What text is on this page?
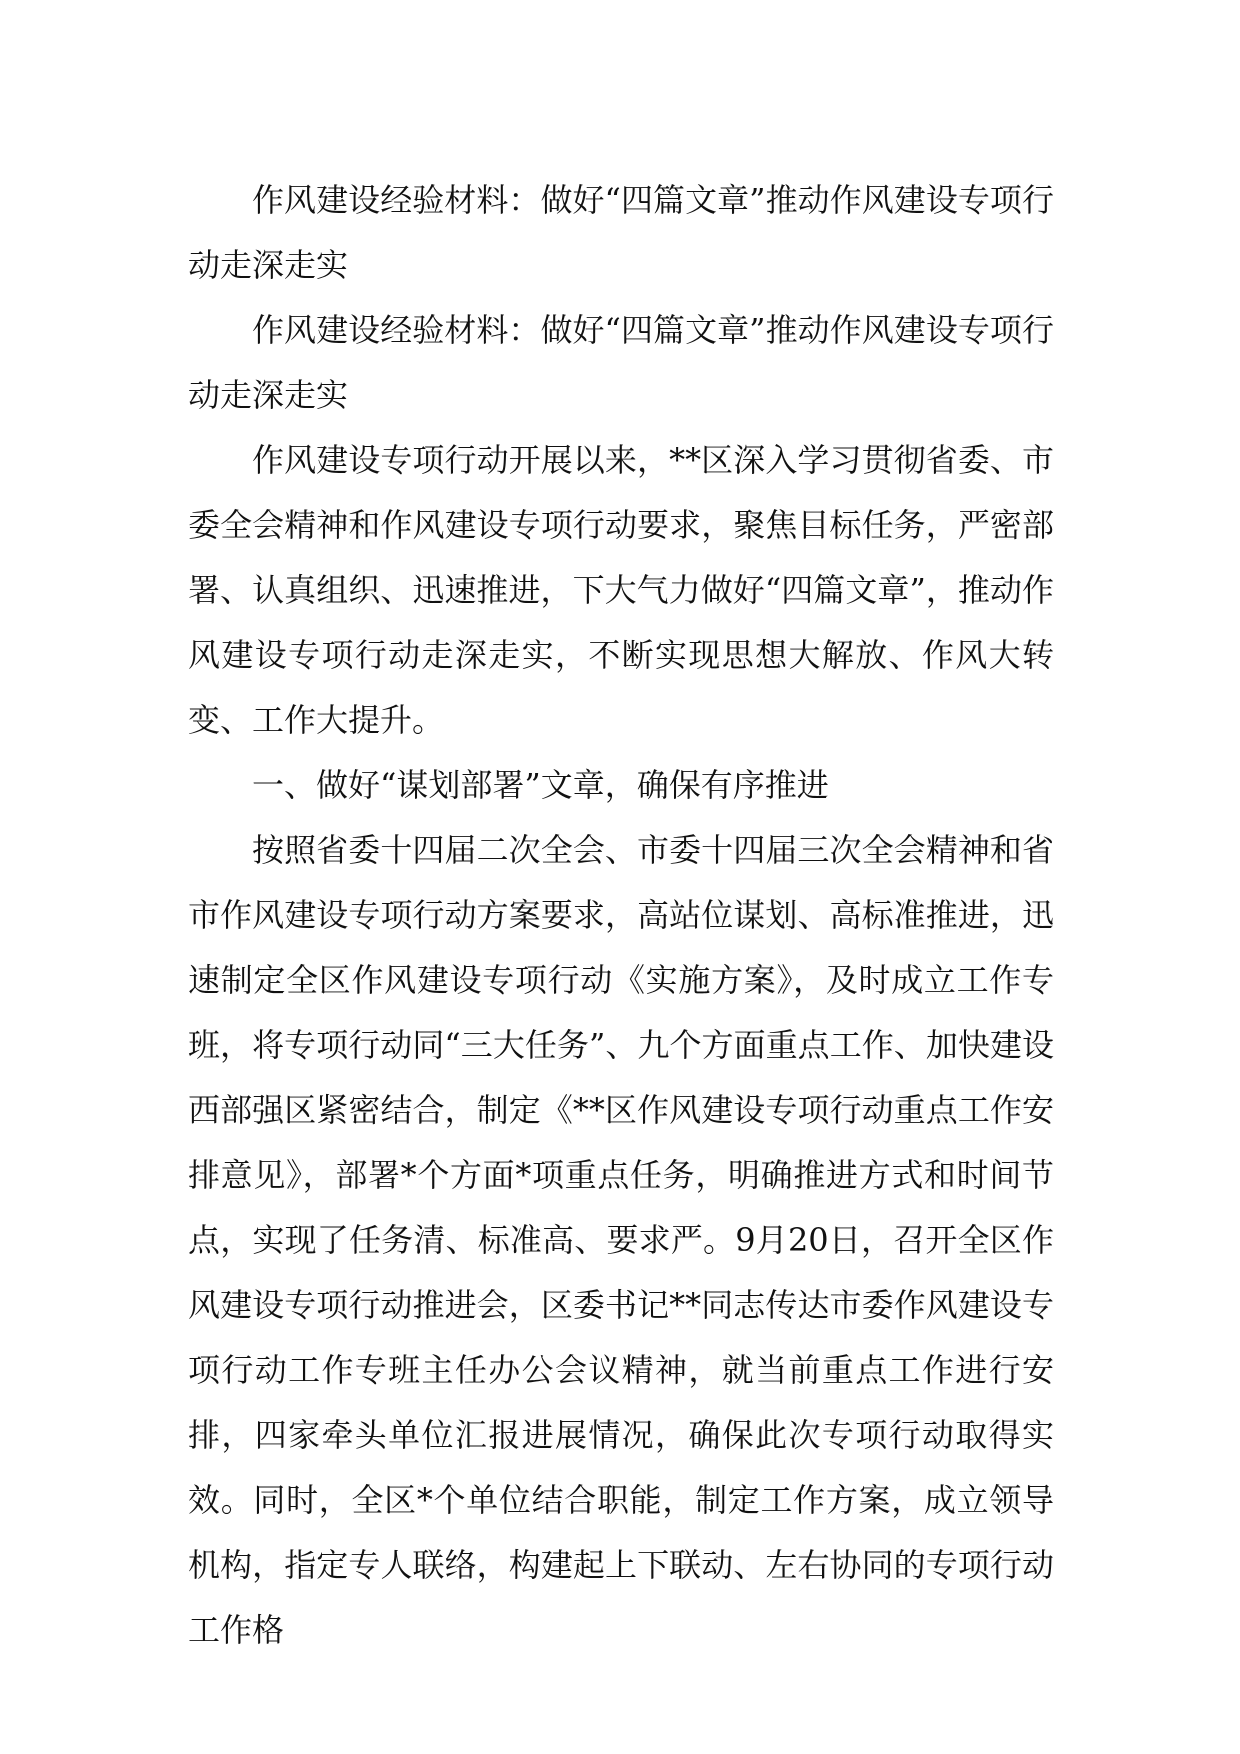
作风建设经验材料：做好“四篇文章”推动作风建设专项行动走深走实

作风建设经验材料：做好“四篇文章”推动作风建设专项行动走深走实

作风建设专项行动开展以来，**区深入学习贯彻省委、市委全会精神和作风建设专项行动要求，聚焦目标任务，严密部署、认真组织、迅速推进，下大气力做好“四篇文章”，推动作风建设专项行动走深走实，不断实现思想大解放、作风大转变、工作大提升。

一、做好“谋划部署”文章，确保有序推进

按照省委十四届二次全会、市委十四届三次全会精神和省市作风建设专项行动方案要求，高站位谋划、高标准推进，迅速制定全区作风建设专项行动《实施方案》，及时成立工作专班，将专项行动同“三大任务”、九个方面重点工作、加快建设西部强区紧密结合，制定《**区作风建设专项行动重点工作安排意见》，部署*个方面*项重点任务，明确推进方式和时间节点，实现了任务清、标准高、要求严。9月20日，召开全区作风建设专项行动推进会，区委书记**同志传达市委作风建设专项行动工作专班主任办公会议精神，就当前重点工作进行安排，四家牵头单位汇报进展情况，确保此次专项行动取得实效。同时，全区*个单位结合职能，制定工作方案，成立领导机构，指定专人联络，构建起上下联动、左右协同的专项行动工作格
